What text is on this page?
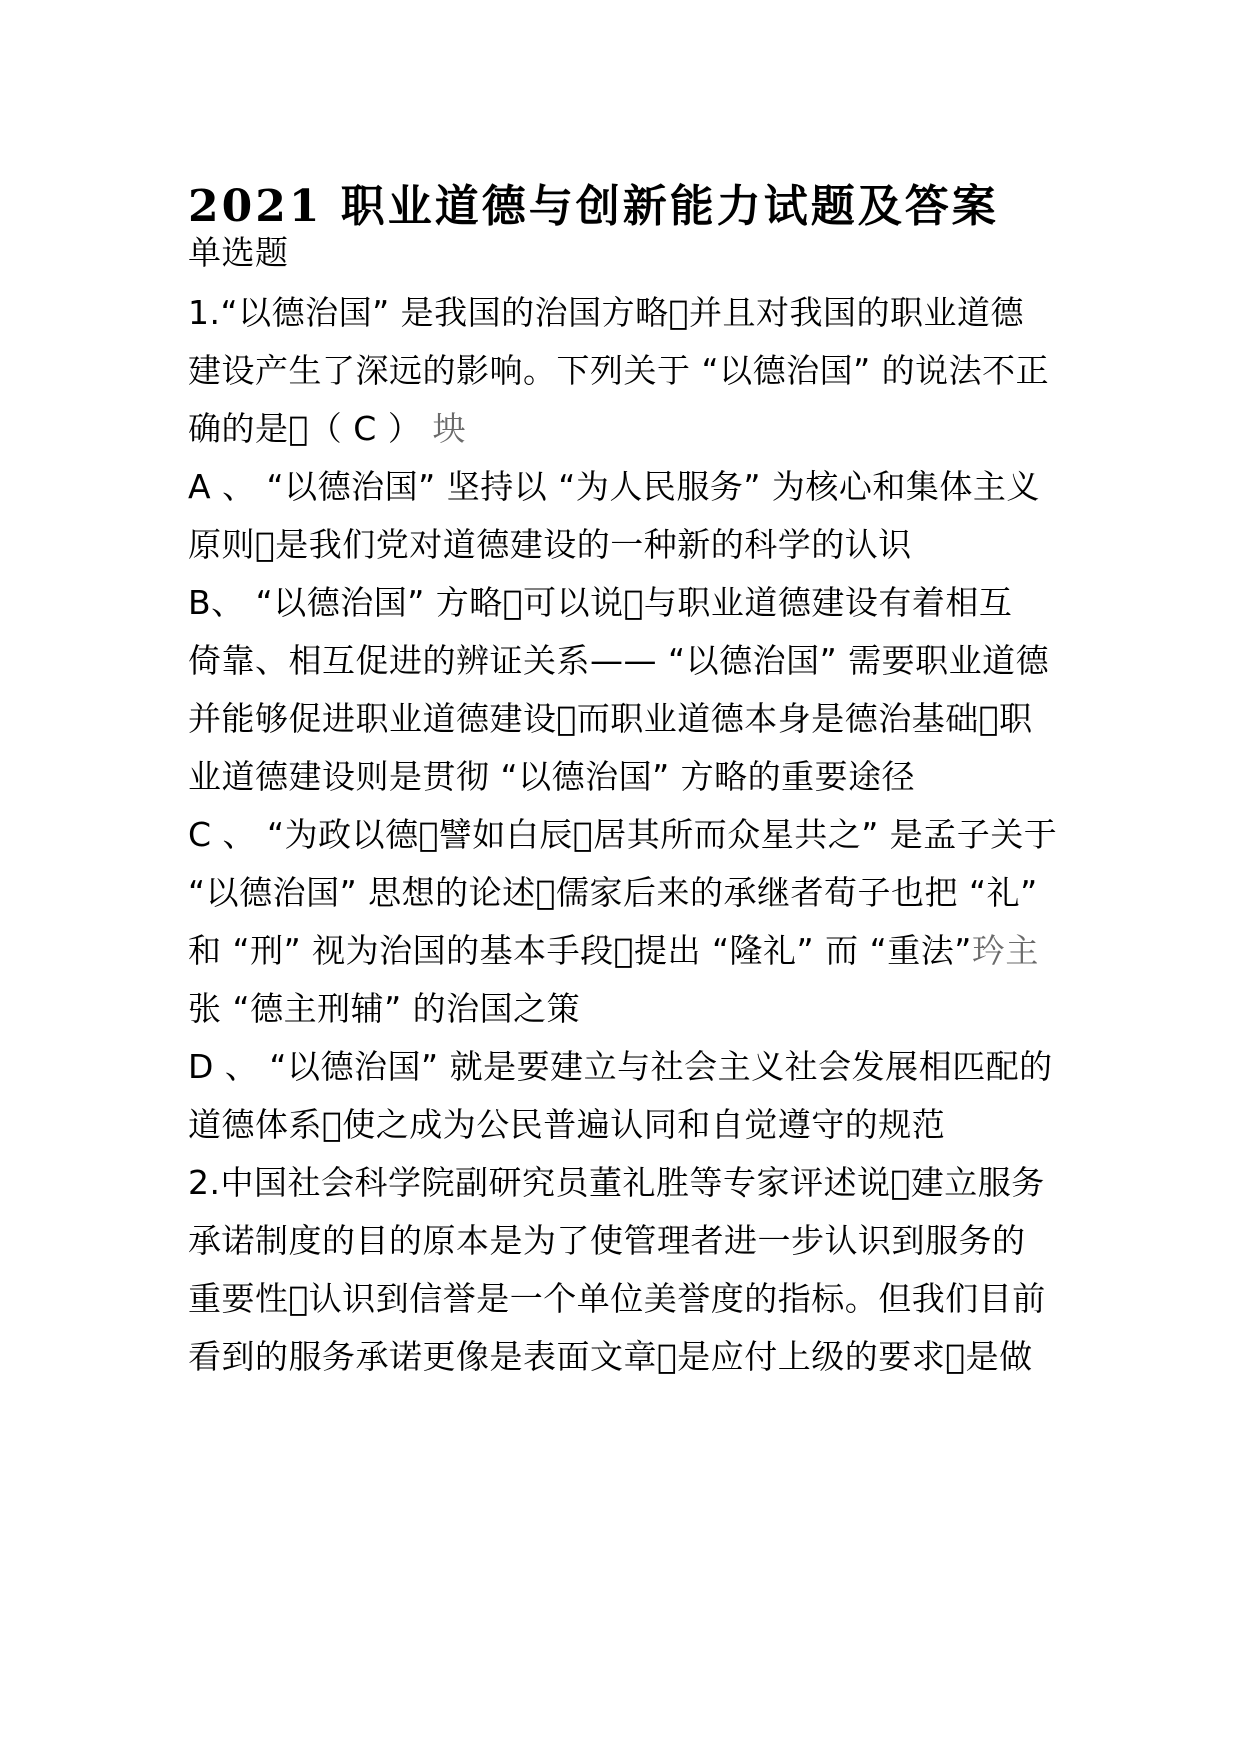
2021 职业道德与创新能力试题及答案
单选题
1.“以德治国” 是我国的治国方略 并且对我国的职业道德
建设产生了深远的影响。下列关于 “以德治国” 的说法不正
确的是 （ C ） 坱
A 、 “以德治国” 坚持以 “为人民服务” 为核心和集体主义
原则 是我们党对道德建设的一种新的科学的认识
B、 “以德治国” 方略 可以说 与职业道德建设有着相互
倚靠、相互促进的辨证关系—— “以德治国” 需要职业道德
并能够促进职业道德建设 而职业道德本身是德治基础 职
业道德建设则是贯彻 “以德治国” 方略的重要途径
C 、 “为政以德 譬如白辰 居其所而众星共之” 是孟子关于
“以德治国” 思想的论述 儒家后来的承继者荀子也把 “礼”
和 “刑” 视为治国的基本手段 提出 “隆礼” 而 “重法”玪主
张 “德主刑辅” 的治国之策
D 、 “以德治国” 就是要建立与社会主义社会发展相匹配的
道德体系 使之成为公民普遍认同和自觉遵守的规范
2.中国社会科学院副研究员董礼胜等专家评述说 建立服务
承诺制度的目的原本是为了使管理者进一步认识到服务的
重要性 认识到信誉是一个单位美誉度的指标。但我们目前
看到的服务承诺更像是表面文章 是应付上级的要求 是做
